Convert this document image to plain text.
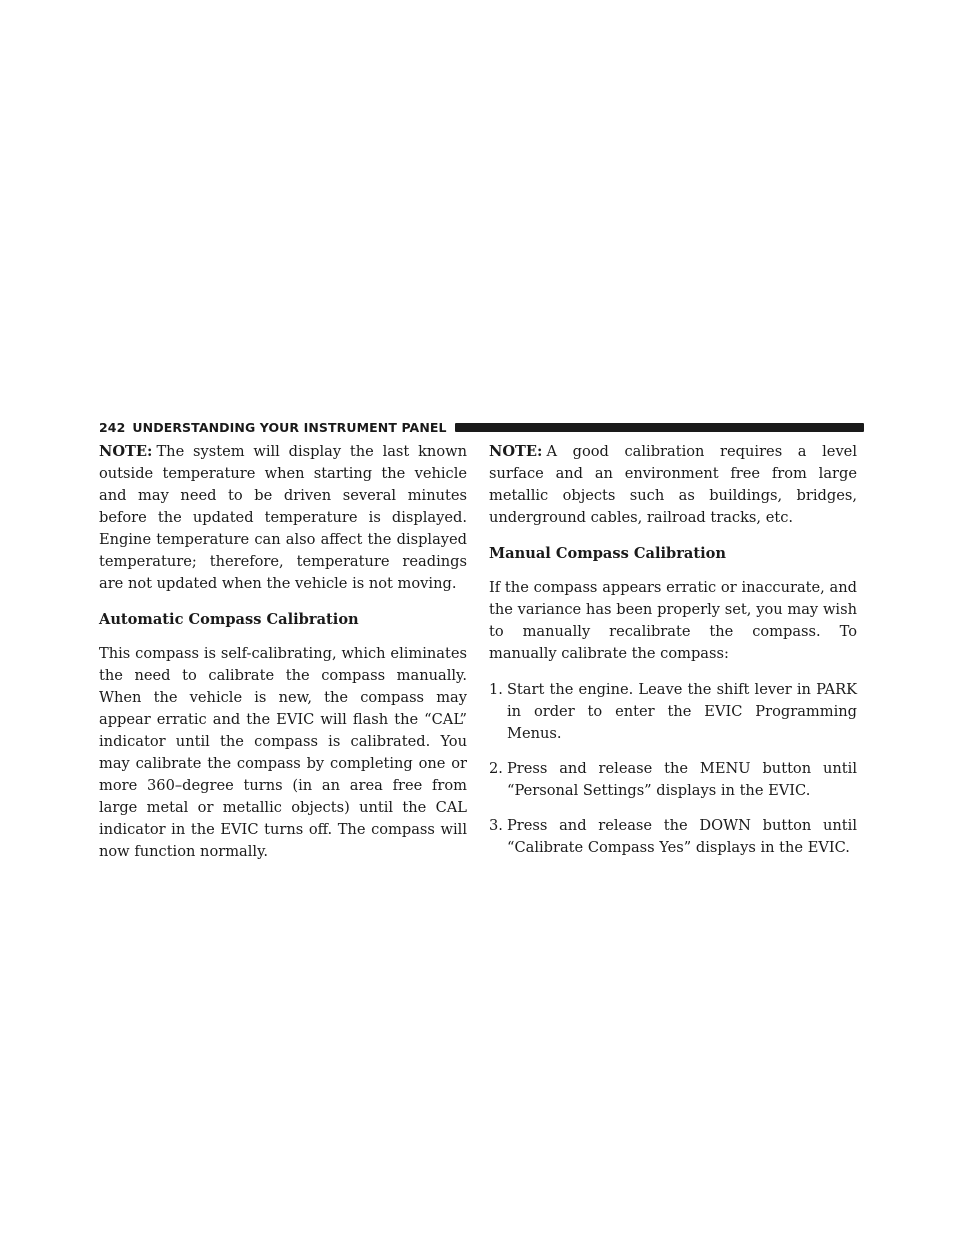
242 UNDERSTANDING YOUR INSTRUMENT PANEL

NOTE: The system will display the last known outside temperature when starting the vehicle and may need to be driven several minutes before the updated temperature is displayed. Engine temperature can also affect the displayed temperature; therefore, temperature readings are not updated when the vehicle is not moving.

Automatic Compass Calibration

This compass is self-calibrating, which eliminates the need to calibrate the compass manually. When the vehicle is new, the compass may appear erratic and the EVIC will flash the “CAL” indicator until the compass is calibrated. You may calibrate the compass by completing one or more 360–degree turns (in an area free from large metal or metallic objects) until the CAL indicator in the EVIC turns off. The compass will now function normally.

NOTE: A good calibration requires a level surface and an environment free from large metallic objects such as buildings, bridges, underground cables, railroad tracks, etc.

Manual Compass Calibration

If the compass appears erratic or inaccurate, and the variance has been properly set, you may wish to manually recalibrate the compass. To manually calibrate the compass:

1. Start the engine. Leave the shift lever in PARK in order to enter the EVIC Programming Menus.
2. Press and release the MENU button until “Personal Settings” displays in the EVIC.
3. Press and release the DOWN button until “Calibrate Compass Yes” displays in the EVIC.
